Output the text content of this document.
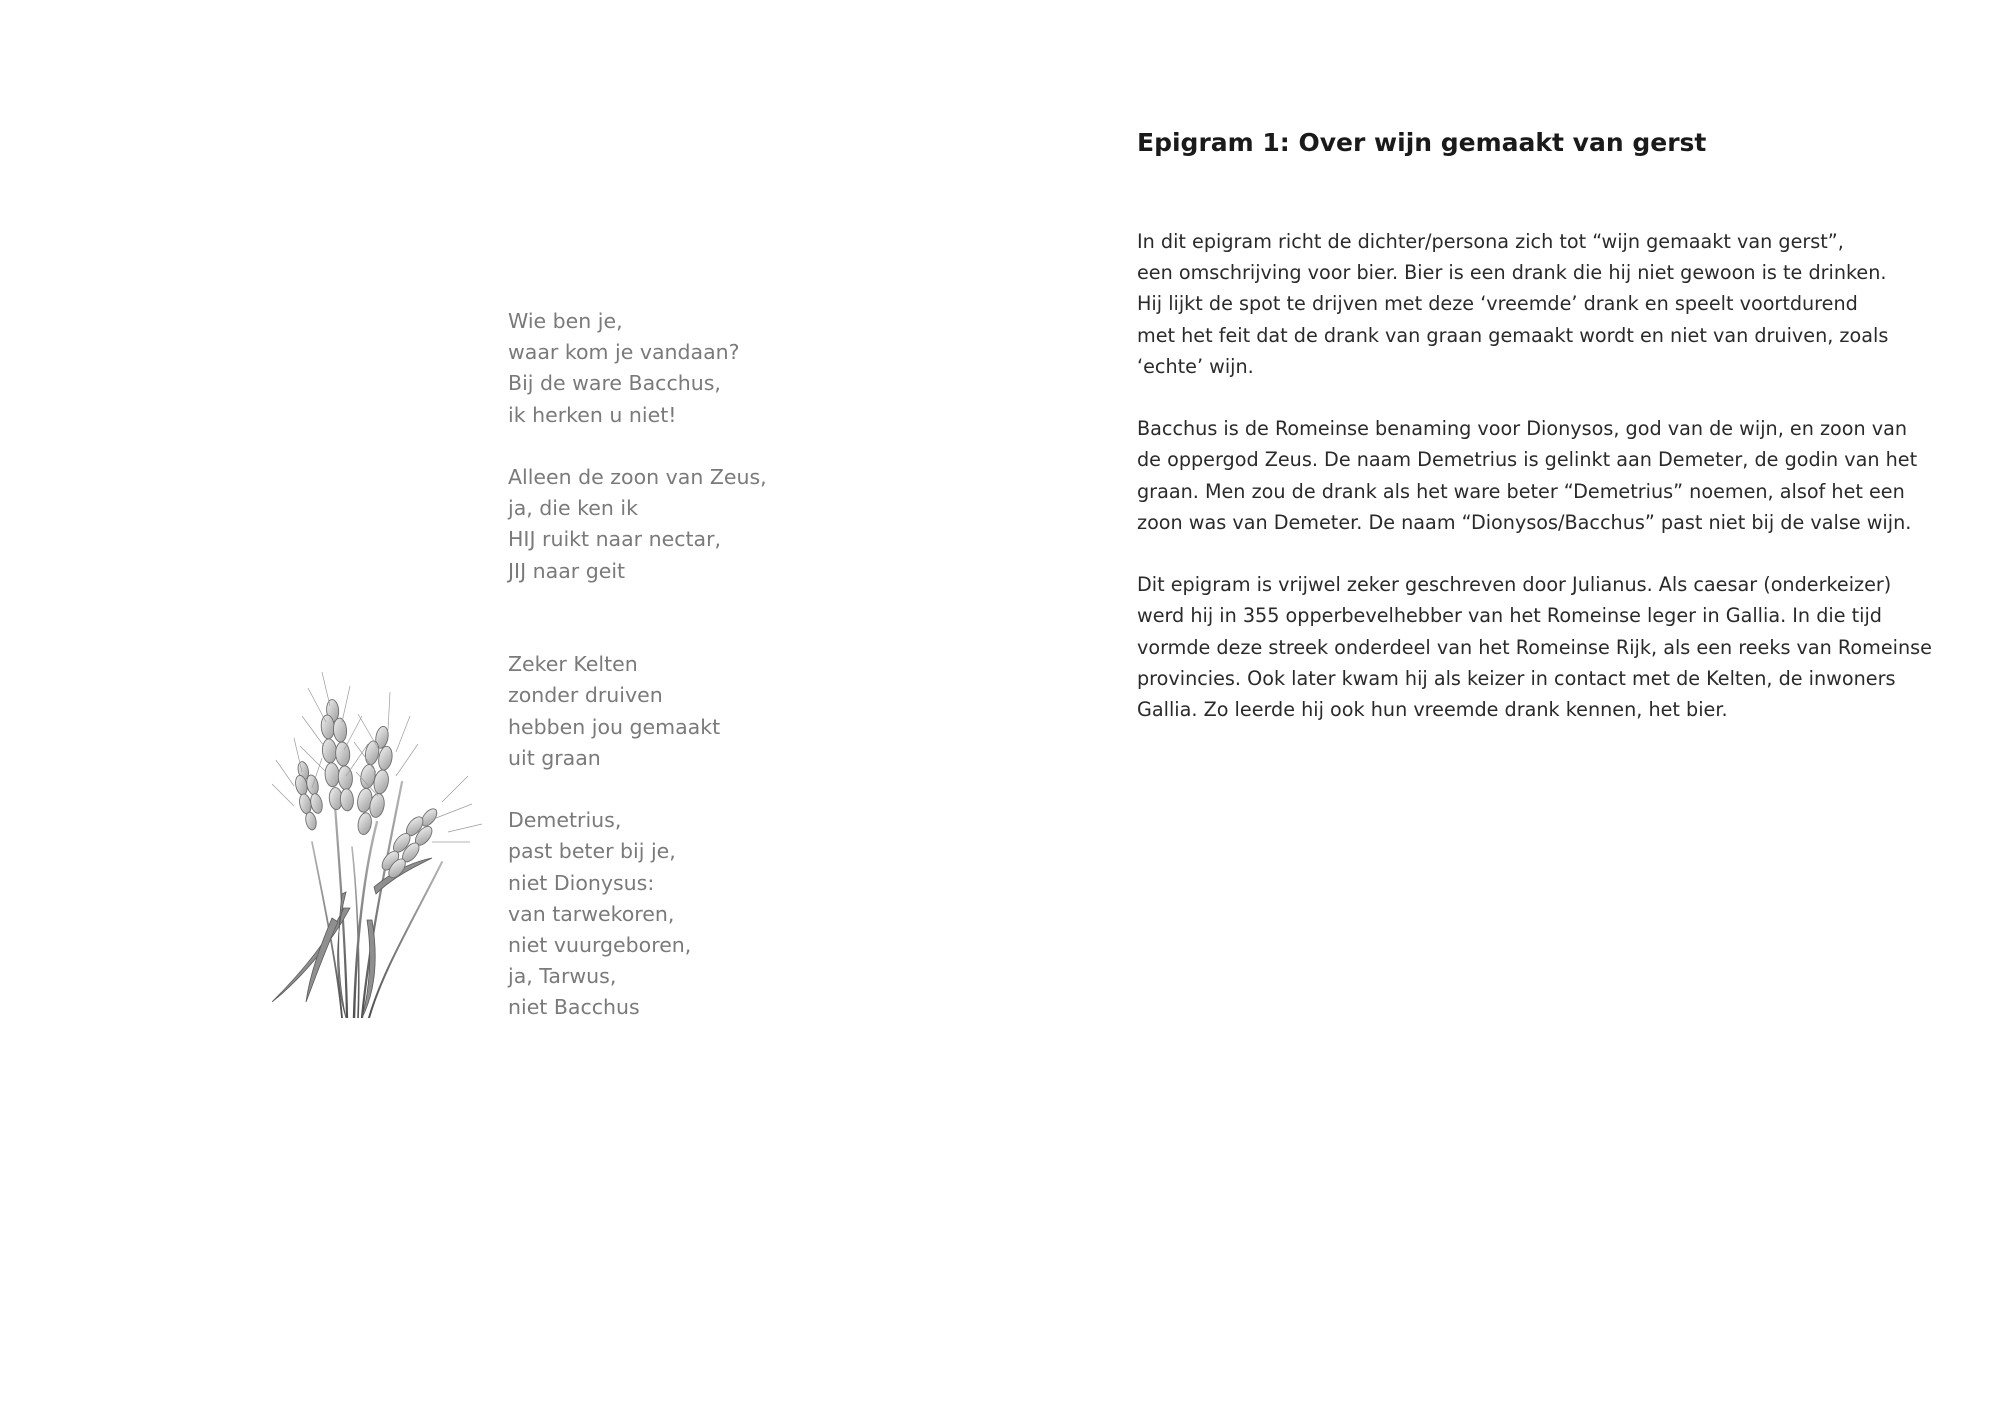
Wie ben je,
waar kom je vandaan?
Bij de ware Bacchus,
ik herken u niet!

Alleen de zoon van Zeus,
ja, die ken ik
HIJ ruikt naar nectar,
JIJ naar geit

Zeker Kelten
zonder druiven
hebben jou gemaakt
uit graan

Demetrius,
past beter bij je,
niet Dionysus:
van tarwekoren,
niet vuurgeboren,
ja, Tarwus,
niet Bacchus

Epigram 1: Over wijn gemaakt van gerst

In dit epigram richt de dichter/persona zich tot “wijn gemaakt van gerst”,
een omschrijving voor bier. Bier is een drank die hij niet gewoon is te drinken.
Hij lijkt de spot te drijven met deze ‘vreemde’ drank en speelt voortdurend
met het feit dat de drank van graan gemaakt wordt en niet van druiven, zoals
‘echte’ wijn.

Bacchus is de Romeinse benaming voor Dionysos, god van de wijn, en zoon van
de oppergod Zeus. De naam Demetrius is gelinkt aan Demeter, de godin van het
graan. Men zou de drank als het ware beter “Demetrius” noemen, alsof het een
zoon was van Demeter. De naam “Dionysos/Bacchus” past niet bij de valse wijn.

Dit epigram is vrijwel zeker geschreven door Julianus. Als caesar (onderkeizer)
werd hij in 355 opperbevelhebber van het Romeinse leger in Gallia. In die tijd
vormde deze streek onderdeel van het Romeinse Rijk, als een reeks van Romeinse
provincies. Ook later kwam hij als keizer in contact met de Kelten, de inwoners
Gallia. Zo leerde hij ook hun vreemde drank kennen, het bier.
